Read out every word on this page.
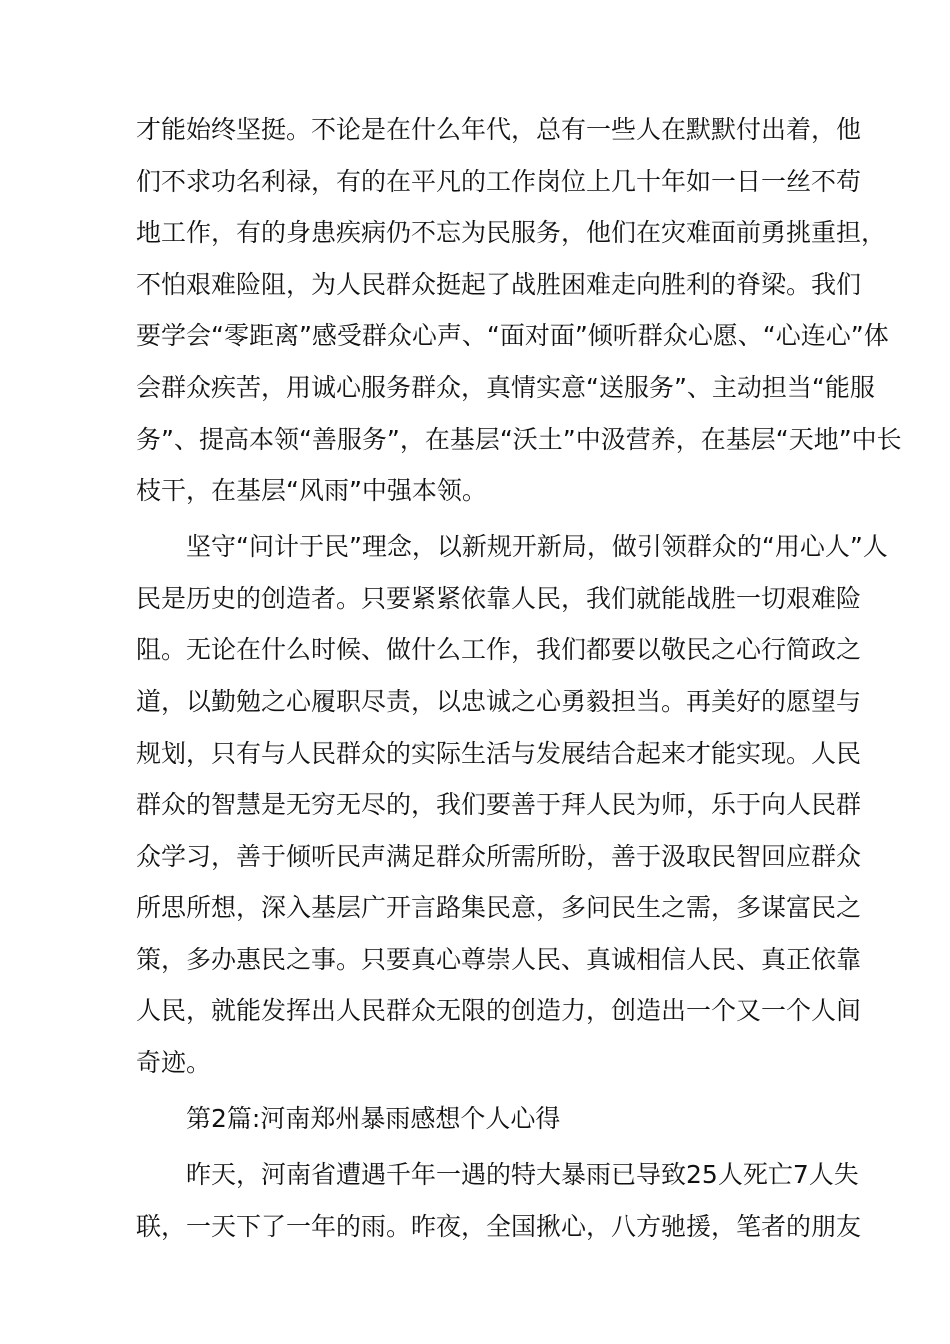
才能始终坚挺。不论是在什么年代，总有一些人在默默付出着，他
们不求功名利禄，有的在平凡的工作岗位上几十年如一日一丝不苟
地工作，有的身患疾病仍不忘为民服务，他们在灾难面前勇挑重担，
不怕艰难险阻，为人民群众挺起了战胜困难走向胜利的脊梁。我们
要学会“零距离”感受群众心声、“面对面”倾听群众心愿、“心连心”体
会群众疾苦，用诚心服务群众，真情实意“送服务”、主动担当“能服
务”、提高本领“善服务”，在基层“沃土”中汲营养，在基层“天地”中长
枝干，在基层“风雨”中强本领。
坚守“问计于民”理念，以新规开新局，做引领群众的“用心人”人
民是历史的创造者。只要紧紧依靠人民，我们就能战胜一切艰难险
阻。无论在什么时候、做什么工作，我们都要以敬民之心行简政之
道，以勤勉之心履职尽责，以忠诚之心勇毅担当。再美好的愿望与
规划，只有与人民群众的实际生活与发展结合起来才能实现。人民
群众的智慧是无穷无尽的，我们要善于拜人民为师，乐于向人民群
众学习，善于倾听民声满足群众所需所盼，善于汲取民智回应群众
所思所想，深入基层广开言路集民意，多问民生之需，多谋富民之
策，多办惠民之事。只要真心尊崇人民、真诚相信人民、真正依靠
人民，就能发挥出人民群众无限的创造力，创造出一个又一个人间
奇迹。
第2篇:河南郑州暴雨感想个人心得
昨天，河南省遭遇千年一遇的特大暴雨已导致25人死亡7人失
联，一天下了一年的雨。昨夜，全国揪心，八方驰援，笔者的朋友
